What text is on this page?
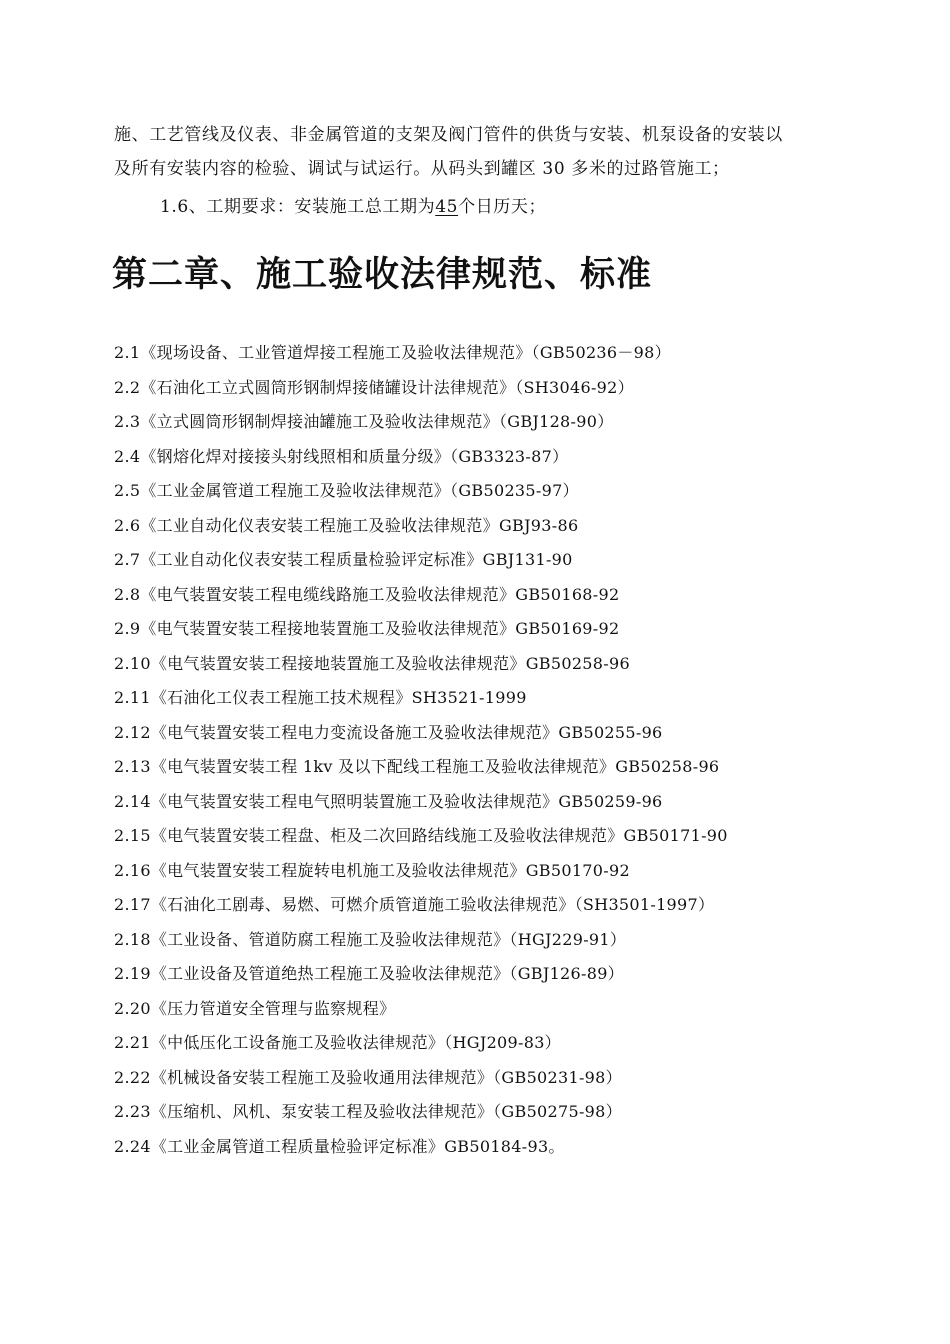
施、工艺管线及仪表、非金属管道的支架及阀门管件的供货与安装、机泵设备的安装以
及所有安装内容的检验、调试与试运行。从码头到罐区 30 多米的过路管施工；
1.6、工期要求：安装施工总工期为45个日历天；
第二章、施工验收法律规范、标准
2.1《现场设备、工业管道焊接工程施工及验收法律规范》（GB50236－98）
2.2《石油化工立式圆筒形钢制焊接储罐设计法律规范》（SH3046-92）
2.3《立式圆筒形钢制焊接油罐施工及验收法律规范》（GBJ128-90）
2.4《钢熔化焊对接接头射线照相和质量分级》（GB3323-87）
2.5《工业金属管道工程施工及验收法律规范》（GB50235-97）
2.6《工业自动化仪表安装工程施工及验收法律规范》GBJ93-86
2.7《工业自动化仪表安装工程质量检验评定标准》GBJ131-90
2.8《电气装置安装工程电缆线路施工及验收法律规范》GB50168-92
2.9《电气装置安装工程接地装置施工及验收法律规范》GB50169-92
2.10《电气装置安装工程接地装置施工及验收法律规范》GB50258-96
2.11《石油化工仪表工程施工技术规程》SH3521-1999
2.12《电气装置安装工程电力变流设备施工及验收法律规范》GB50255-96
2.13《电气装置安装工程 1kv 及以下配线工程施工及验收法律规范》GB50258-96
2.14《电气装置安装工程电气照明装置施工及验收法律规范》GB50259-96
2.15《电气装置安装工程盘、柜及二次回路结线施工及验收法律规范》GB50171-90
2.16《电气装置安装工程旋转电机施工及验收法律规范》GB50170-92
2.17《石油化工剧毒、易燃、可燃介质管道施工验收法律规范》（SH3501-1997）
2.18《工业设备、管道防腐工程施工及验收法律规范》（HGJ229-91）
2.19《工业设备及管道绝热工程施工及验收法律规范》（GBJ126-89）
2.20《压力管道安全管理与监察规程》
2.21《中低压化工设备施工及验收法律规范》（HGJ209-83）
2.22《机械设备安装工程施工及验收通用法律规范》（GB50231-98）
2.23《压缩机、风机、泵安装工程及验收法律规范》（GB50275-98）
2.24《工业金属管道工程质量检验评定标准》GB50184-93。
